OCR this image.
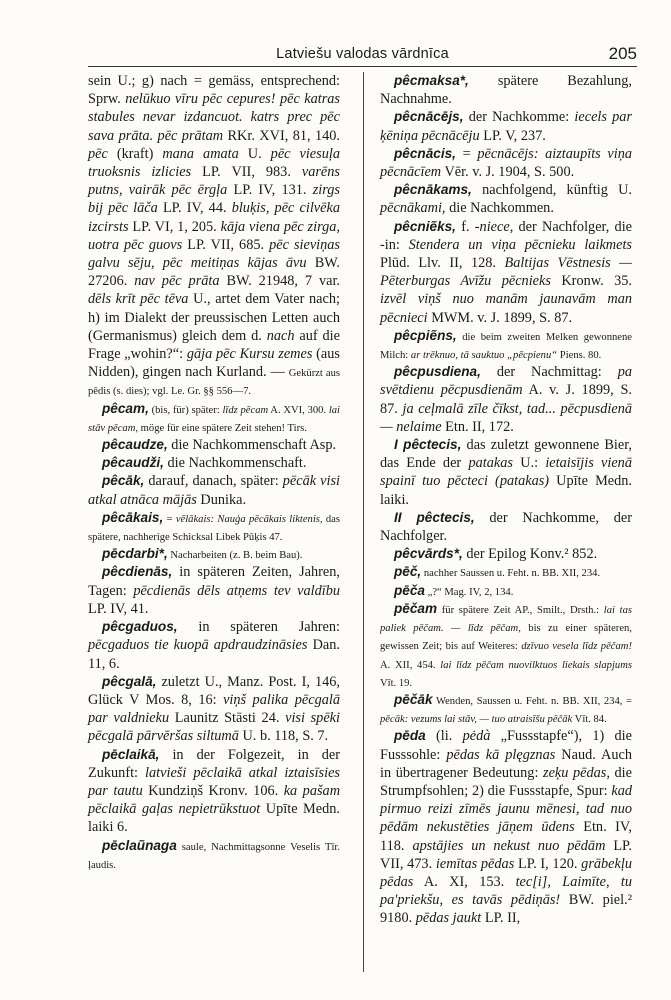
Latviešu valodas vārdnīca	205

sein U.; g) nach = gemäss, entsprechend: Sprw. nelūkuo vīru pēc cepures! pēc katras stabules nevar izdancuot. katrs prec pēc sava prāta. pēc prātam RKr. XVI, 81, 140. pēc (kraft) mana amata U. pēc viesuļa truoksnis izlicies LP. VII, 983. varēns putns, vairāk pēc ērgļa LP. IV, 131. zirgs bij pēc lāča LP. IV, 44. bluķis, pēc cilvēka izcirsts LP. VI, 1, 205. kāja viena pēc zirga, uotra pēc guovs LP. VII, 685. pēc sieviņas galvu sēju, pēc meitiņas kājas āvu BW. 27206. nav pēc prāta BW. 21948, 7 var. dēls krīt pēc tēva U., artet dem Vater nach; h) im Dialekt der preussischen Letten auch (Germanismus) gleich dem d. nach auf die Frage „wohin?“: gāja pēc Kursu zemes (aus Nidden), gingen nach Kurland. — Gekürzt aus pēdis (s. dies); vgl. Le. Gr. §§ 556—7.

pêcam, (bis, für) später: līdz pēcam A. XVI, 300. lai stāv pēcam, möge für eine spätere Zeit stehen! Tirs.

pêcaudze, die Nachkommenschaft Asp.

pêcaudži, die Nachkommenschaft.

pêcāk, darauf, danach, später: pēcāk visi atkal atnāca mājās Dunika.

pêcākais, = vēlākais: Nauģa pēcākais liktenis, das spätere, nachherige Schicksal Libek Pūķis 47.

pēcdarbi*, Nacharbeiten (z. B. beim Bau).

pêcdienās, in späteren Zeiten, Jahren, Tagen: pēcdienās dēls atņems tev valdību LP. IV, 41.

pêcgaduos, in späteren Jahren: pēcgaduos tie kuopā apdraudzināsies Dan. 11, 6.

pêcgalā, zuletzt U., Manz. Post. I, 146, Glück V Mos. 8, 16: viņš palika pēcgalā par valdnieku Launitz Stāsti 24. visi spēki pēcgalā pārvēršas siltumā U. b. 118, S. 7.

pēclaikā, in der Folgezeit, in der Zukunft: latvieši pēclaikā atkal iztaisīsies par tautu Kundziņš Kronv. 106. ka pašam pēclaikā gaļas nepietrūkstuot Upīte Medn. laiki 6.

pēclaũnaga saule, Nachmittagsonne Veselis Tīr. ļaudis.

pêcmaksa*, spätere Bezahlung, Nachnahme.

pêcnācējs, der Nachkomme: iecels par ķēniņa pēcnācēju LP. V, 237.

pêcnācis, = pēcnācējs: aiztaupīts viņa pēcnācīem Vēr. v. J. 1904, S. 500.

pêcnākams, nachfolgend, künftig U. pēcnākami, die Nachkommen.

pêcniẽks, f. -niece, der Nachfolger, die -in: Stendera un viņa pēcnieku laikmets Plūd. Llv. II, 128. Baltijas Vēstnesis — Pēterburgas Avīžu pēcnieks Kronw. 35. izvēl viņš nuo manām jaunavām man pēcnieci MWM. v. J. 1899, S. 87.

pêcpiẽns, die beim zweiten Melken gewonnene Milch: ar trēknuo, tā sauktuo „pēcpienu“ Piens. 80.

pêcpusdiena, der Nachmittag: pa svētdienu pēcpusdienām A. v. J. 1899, S. 87. ja ceļmalā zīle čīkst, tad... pēcpusdienā — nelaime Etn. II, 172.

I pêctecis, das zuletzt gewonnene Bier, das Ende der patakas U.: ietaisījis vienā spainī tuo pēcteci (patakas) Upīte Medn. laiki.

II pêctecis, der Nachkomme, der Nachfolger.

pêcvārds*, der Epilog Konv.² 852.

pēč, nachher Saussen u. Feht. n. BB. XII, 234.

pēča „?“ Mag. IV, 2, 134.

pēčam für spätere Zeit AP., Smilt., Drsth.: lai tas paliek pēčam. — līdz pēčam, bis zu einer späteren, gewissen Zeit; bis auf Weiteres: dzīvuo vesela līdz pēčam! A. XII, 454. lai līdz pēčam nuovilktuos liekais slapjums Vīt. 19.

pēčāk Wenden, Saussen u. Feht. n. BB. XII, 234, = pēcāk: vezums lai stāv, — tuo atraisīšu pēčāk Vīt. 84.

pēda (li. pėdà „Fussstapfe“), 1) die Fusssohle: pēdas kā plęgznas Naud. Auch in übertragener Bedeutung: zeķu pēdas, die Strumpfsohlen; 2) die Fussstapfe, Spur: kad pirmuo reizi zīmēs jaunu mēnesi, tad nuo pēdām nekustēties jāņem ūdens Etn. IV, 118. apstājies un nekust nuo pēdām LP. VII, 473. iemītas pēdas LP. I, 120. grābekļu pēdas A. XI, 153. tec[i], Laimīte, tu pa'priekšu, es tavās pēdiņās! BW. piel.² 9180. pēdas jaukt LP. II,
